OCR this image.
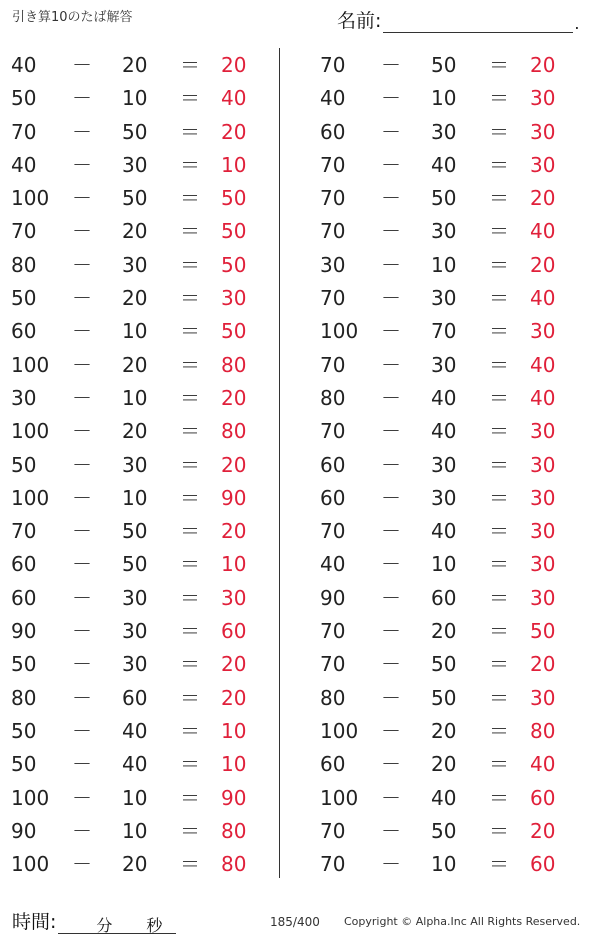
引き算10のたば解答	名前:	.
40 － 20 ＝ 20
50 － 10 ＝ 40
70 － 50 ＝ 20
40 － 30 ＝ 10
100 － 50 ＝ 50
70 － 20 ＝ 50
80 － 30 ＝ 50
50 － 20 ＝ 30
60 － 10 ＝ 50
100 － 20 ＝ 80
30 － 10 ＝ 20
100 － 20 ＝ 80
50 － 30 ＝ 20
100 － 10 ＝ 90
70 － 50 ＝ 20
60 － 50 ＝ 10
60 － 30 ＝ 30
90 － 30 ＝ 60
50 － 30 ＝ 20
80 － 60 ＝ 20
50 － 40 ＝ 10
50 － 40 ＝ 10
100 － 10 ＝ 90
90 － 10 ＝ 80
100 － 20 ＝ 80
70 － 50 ＝ 20
40 － 10 ＝ 30
60 － 30 ＝ 30
70 － 40 ＝ 30
70 － 50 ＝ 20
70 － 30 ＝ 40
30 － 10 ＝ 20
70 － 30 ＝ 40
100 － 70 ＝ 30
70 － 30 ＝ 40
80 － 40 ＝ 40
70 － 40 ＝ 30
60 － 30 ＝ 30
60 － 30 ＝ 30
70 － 40 ＝ 30
40 － 10 ＝ 30
90 － 60 ＝ 30
70 － 20 ＝ 50
70 － 50 ＝ 20
80 － 50 ＝ 30
100 － 20 ＝ 80
60 － 20 ＝ 40
100 － 40 ＝ 60
70 － 50 ＝ 20
70 － 10 ＝ 60
時間:	分 秒	185/400 Copyright © Alpha.Inc All Rights Reserved.
